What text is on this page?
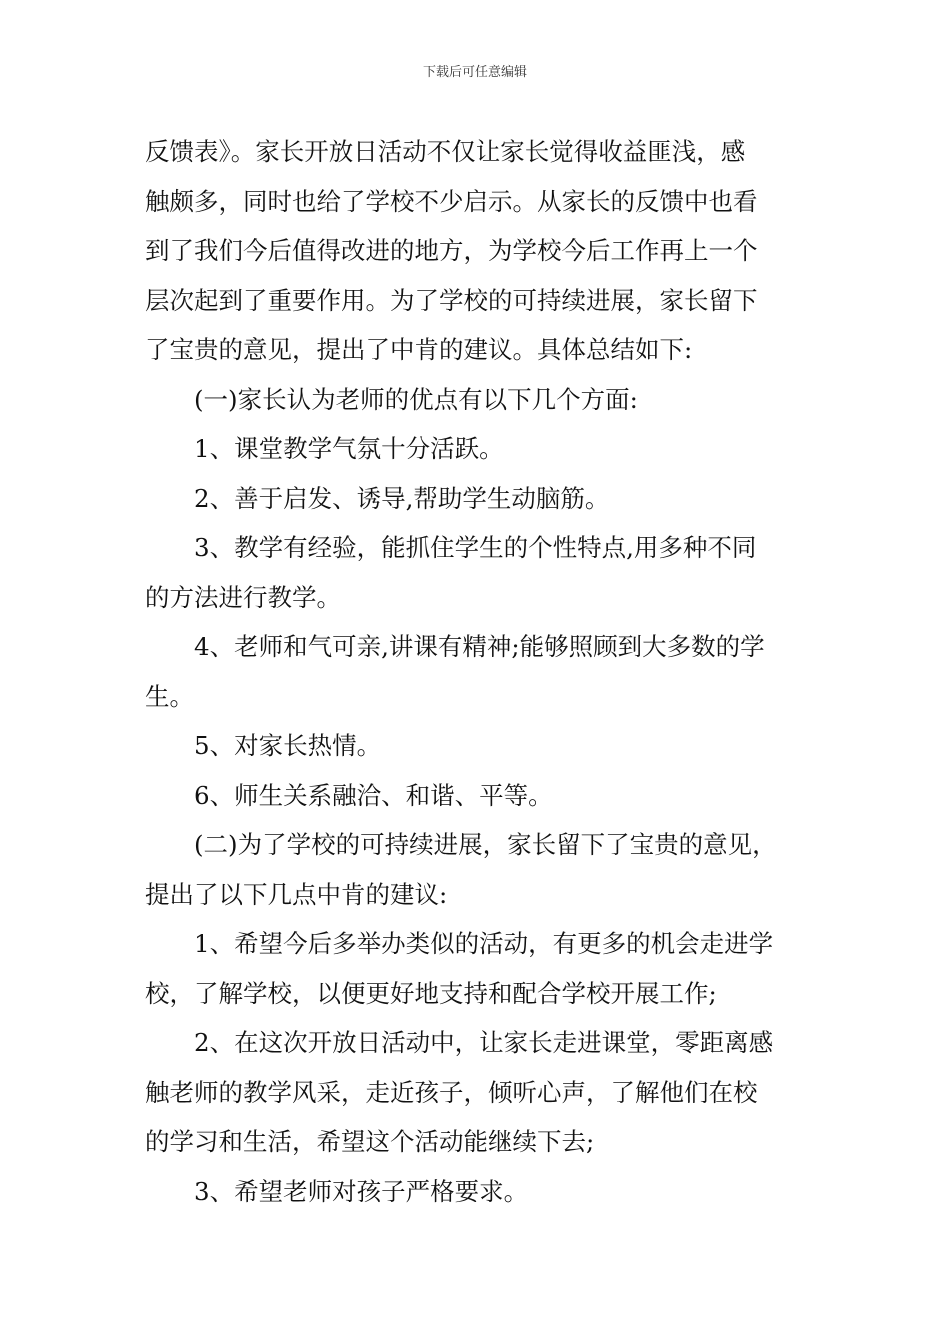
下载后可任意编辑
反馈表》。家长开放日活动不仅让家长觉得收益匪浅，感
触颇多，同时也给了学校不少启示。从家长的反馈中也看
到了我们今后值得改进的地方，为学校今后工作再上一个
层次起到了重要作用。为了学校的可持续进展，家长留下
了宝贵的意见，提出了中肯的建议。具体总结如下:
(一)家长认为老师的优点有以下几个方面:
1、课堂教学气氛十分活跃。
2、善于启发、诱导,帮助学生动脑筋。
3、教学有经验，能抓住学生的个性特点,用多种不同
的方法进行教学。
4、老师和气可亲,讲课有精神;能够照顾到大多数的学
生。
5、对家长热情。
6、师生关系融洽、和谐、平等。
(二)为了学校的可持续进展，家长留下了宝贵的意见，
提出了以下几点中肯的建议:
1、希望今后多举办类似的活动，有更多的机会走进学
校，了解学校，以便更好地支持和配合学校开展工作;
2、在这次开放日活动中，让家长走进课堂，零距离感
触老师的教学风采，走近孩子，倾听心声，了解他们在校
的学习和生活，希望这个活动能继续下去;
3、希望老师对孩子严格要求。
